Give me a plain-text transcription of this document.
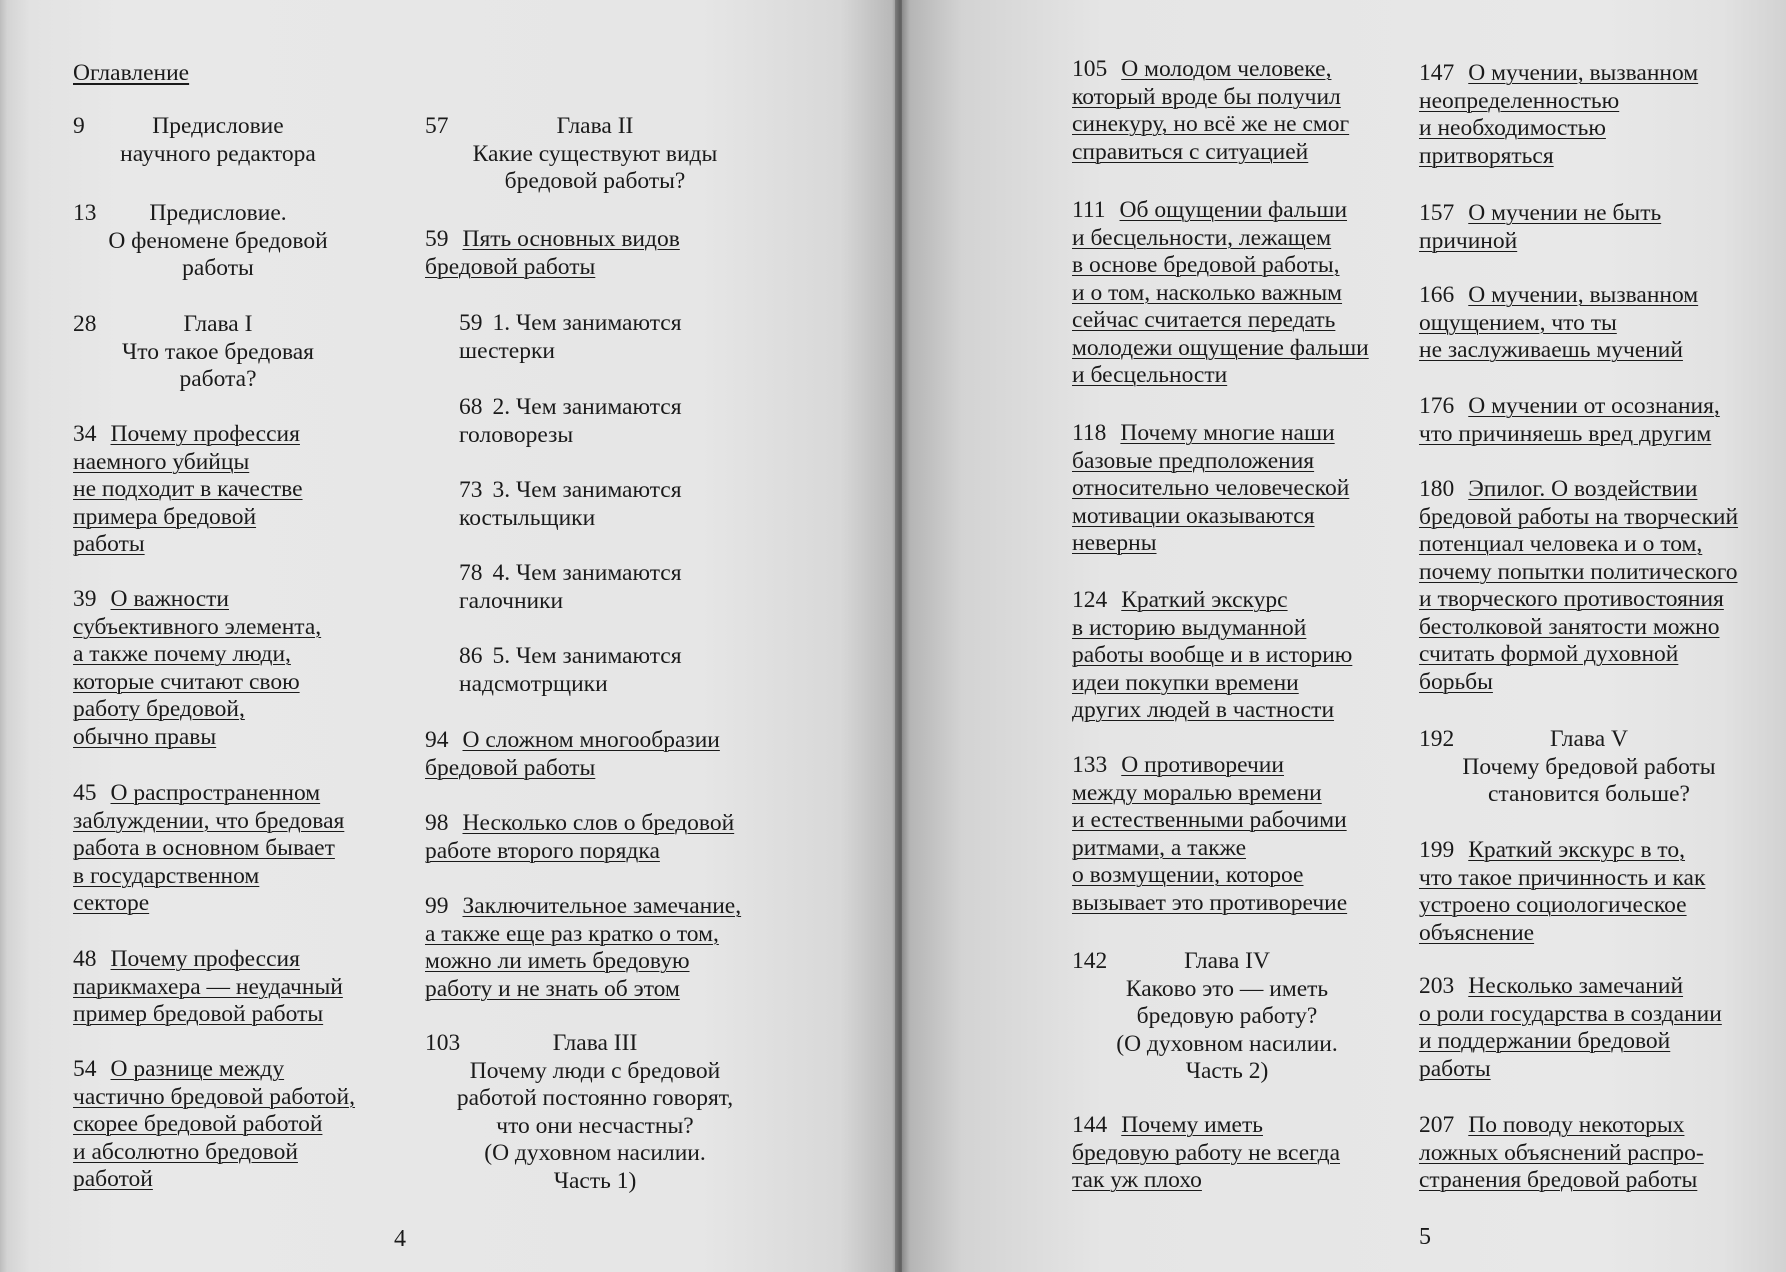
Оглавление
9	Предисловие
научного редактора
13	Предисловие.
О феномене бредовой
работы
28	Глава I
Что такое бредовая
работа?
34 Почему профессия
наемного убийцы
не подходит в качестве
примера бредовой
работы
39 О важности
субъективного элемента,
а также почему люди,
которые считают свою
работу бредовой,
обычно правы
45 О распространенном
заблуждении, что бредовая
работа в основном бывает
в государственном
секторе
48 Почему профессия
парикмахера — неудачный
пример бредовой работы
54 О разнице между
частично бредовой работой,
скорее бредовой работой
и абсолютно бредовой
работой
57	Глава II
Какие существуют виды
бредовой работы?
59 Пять основных видов
бредовой работы
59 1. Чем занимаются
шестерки
68 2. Чем занимаются
головорезы
73 3. Чем занимаются
костыльщики
78 4. Чем занимаются
галочники
86 5. Чем занимаются
надсмотрщики
94 О сложном многообразии
бредовой работы
98 Несколько слов о бредовой
работе второго порядка
99 Заключительное замечание,
а также еще раз кратко о том,
можно ли иметь бредовую
работу и не знать об этом
103	Глава III
Почему люди с бредовой
работой постоянно говорят,
что они несчастны?
(О духовном насилии.
Часть 1)
4
105 О молодом человеке,
который вроде бы получил
синекуру, но всё же не смог
справиться с ситуацией
111 Об ощущении фальши
и бесцельности, лежащем
в основе бредовой работы,
и о том, насколько важным
сейчас считается передать
молодежи ощущение фальши
и бесцельности
118 Почему многие наши
базовые предположения
относительно человеческой
мотивации оказываются
неверны
124 Краткий экскурс
в историю выдуманной
работы вообще и в историю
идеи покупки времени
других людей в частности
133 О противоречии
между моралью времени
и естественными рабочими
ритмами, а также
о возмущении, которое
вызывает это противоречие
142	Глава IV
Каково это — иметь
бредовую работу?
(О духовном насилии.
Часть 2)
144 Почему иметь
бредовую работу не всегда
так уж плохо
147 О мучении, вызванном
неопределенностью
и необходимостью
притворяться
157 О мучении не быть
причиной
166 О мучении, вызванном
ощущением, что ты
не заслуживаешь мучений
176 О мучении от осознания,
что причиняешь вред другим
180 Эпилог. О воздействии
бредовой работы на творческий
потенциал человека и о том,
почему попытки политического
и творческого противостояния
бестолковой занятости можно
считать формой духовной
борьбы
192	Глава V
Почему бредовой работы
становится больше?
199 Краткий экскурс в то,
что такое причинность и как
устроено социологическое
объяснение
203 Несколько замечаний
о роли государства в создании
и поддержании бредовой
работы
207 По поводу некоторых
ложных объяснений распро-
странения бредовой работы
5
